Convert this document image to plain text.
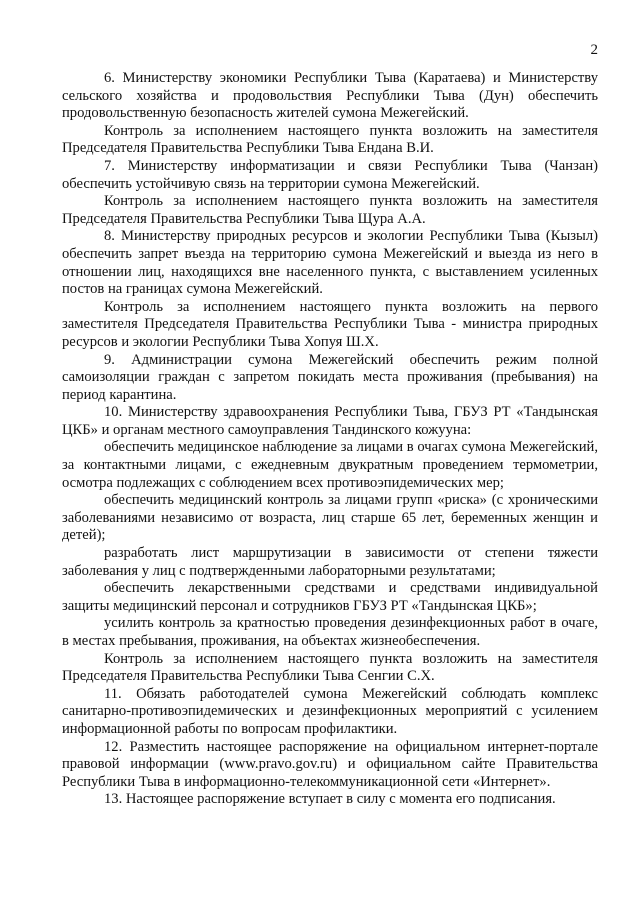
2

6. Министерству экономики Республики Тыва (Каратаева) и Министерству сельского хозяйства и продовольствия Республики Тыва (Дун) обеспечить продовольственную безопасность жителей сумона Межегейский.

Контроль за исполнением настоящего пункта возложить на заместителя Председателя Правительства Республики Тыва Ендана В.И.

7. Министерству информатизации и связи Республики Тыва (Чанзан) обеспечить устойчивую связь на территории сумона Межегейский.

Контроль за исполнением настоящего пункта возложить на заместителя Председателя Правительства Республики Тыва Щура А.А.

8. Министерству природных ресурсов и экологии Республики Тыва (Кызыл) обеспечить запрет въезда на территорию сумона Межегейский и выезда из него в отношении лиц, находящихся вне населенного пункта, с выставлением усиленных постов на границах сумона Межегейский.

Контроль за исполнением настоящего пункта возложить на первого заместителя Председателя Правительства Республики Тыва - министра природных ресурсов и экологии Республики Тыва Хопуя Ш.Х.

9. Администрации сумона Межегейский обеспечить режим полной самоизоляции граждан с запретом покидать места проживания (пребывания) на период карантина.

10. Министерству здравоохранения Республики Тыва, ГБУЗ РТ «Тандынская ЦКБ» и органам местного самоуправления Тандинского кожууна:

обеспечить медицинское наблюдение за лицами в очагах сумона Межегейский, за контактными лицами, с ежедневным двукратным проведением термометрии, осмотра подлежащих с соблюдением всех противоэпидемических мер;

обеспечить медицинский контроль за лицами групп «риска» (с хроническими заболеваниями независимо от возраста, лиц старше 65 лет, беременных женщин и детей);

разработать лист маршрутизации в зависимости от степени тяжести заболевания у лиц с подтвержденными лабораторными результатами;

обеспечить лекарственными средствами и средствами индивидуальной защиты медицинский персонал и сотрудников ГБУЗ РТ «Тандынская ЦКБ»;

усилить контроль за кратностью проведения дезинфекционных работ в очаге, в местах пребывания, проживания, на объектах жизнеобеспечения.

Контроль за исполнением настоящего пункта возложить на заместителя Председателя Правительства Республики Тыва Сенгии С.Х.

11. Обязать работодателей сумона Межегейский соблюдать комплекс санитарно-противоэпидемических и дезинфекционных мероприятий с усилением информационной работы по вопросам профилактики.

12. Разместить настоящее распоряжение на официальном интернет-портале правовой информации (www.pravo.gov.ru) и официальном сайте Правительства Республики Тыва в информационно-телекоммуникационной сети «Интернет».

13. Настоящее распоряжение вступает в силу с момента его подписания.
